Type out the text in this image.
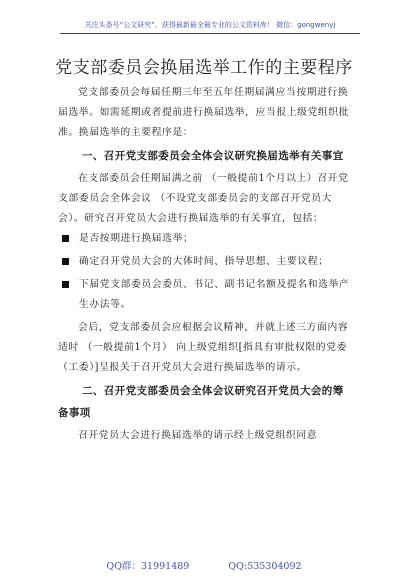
关注头条号“公文研究”，获得最新最全最专业的公文资料库！ 微信：gongwenyj
党支部委员会换届选举工作的主要程序

党支部委员会每届任期三年至五年任期届满应当按期进行换届选举。如需延期或者提前进行换届选举，应当报上级党组织批准。换届选举的主要程序是：

一、召开党支部委员会全体会议研究换届选举有关事宜

在支部委员会任期届满之前 （一般提前1个月以上）召开党支部委员会全体会议 （不设党支部委员会的支部召开党员大会）。研究召开党员大会进行换届选举的有关事宜，包括：

是否按期进行换届选举；
确定召开党员大会的大体时间、指导思想、主要议程；
下届党支部委员会委员、书记、副书记名额及提名和选举产生办法等。

会后，党支部委员会应根据会议精神，并就上述三方面内容适时 （一般提前1个月） 向上级党组织[指具有审批权限的党委 （工委）]呈报关于召开党员大会进行换届选举的请示。

二、召开党支部委员会全体会议研究召开党员大会的筹备事项

召开党员大会进行换届选举的请示经上级党组织同意

QQ群：31991489	QQ:535304092
